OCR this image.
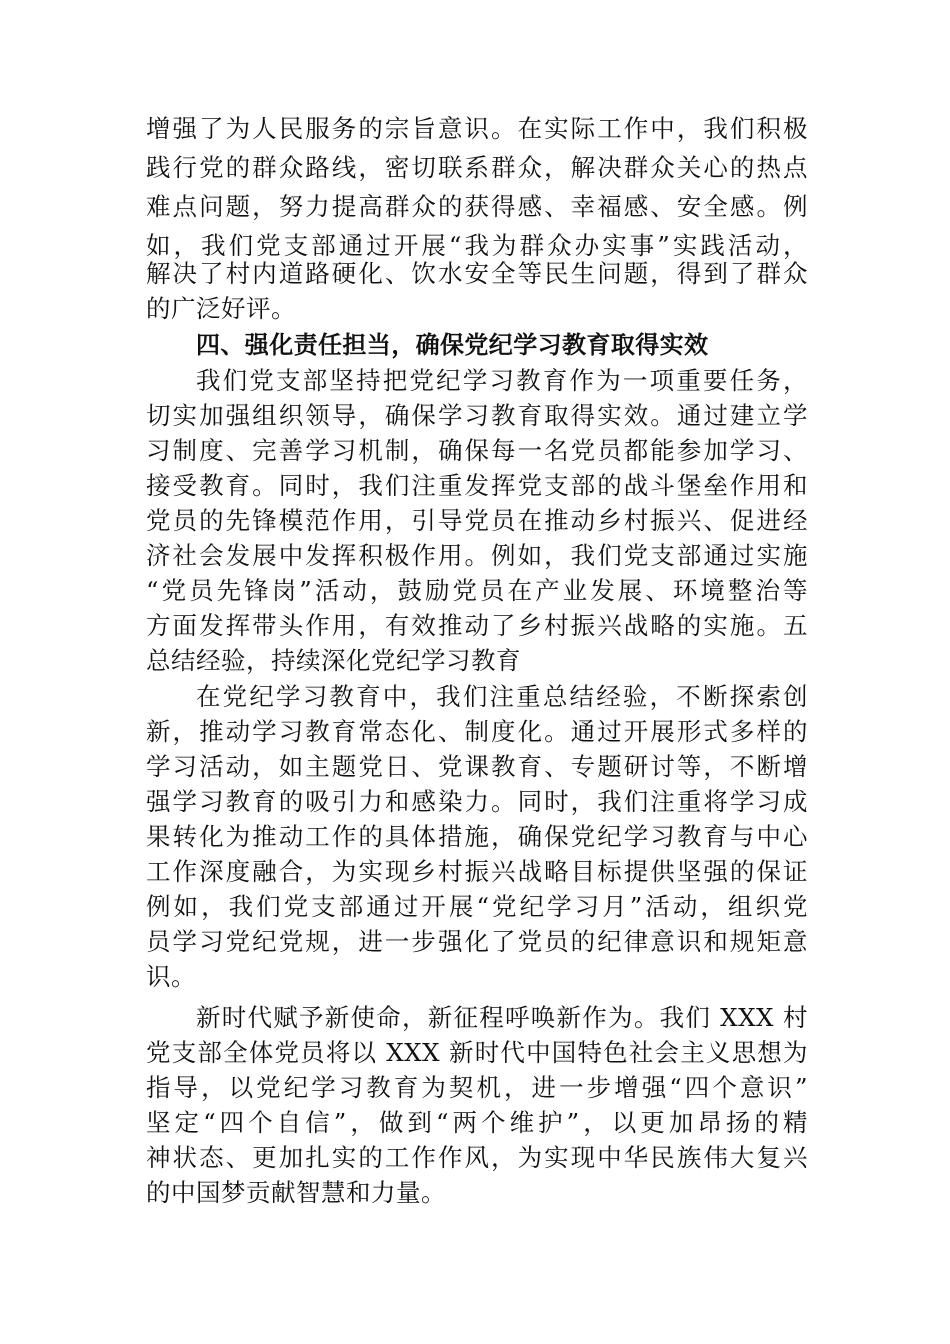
增强了为人民服务的宗旨意识。在实际工作中，我们积极
践行党的群众路线，密切联系群众，解决群众关心的热点
难点问题，努力提高群众的获得感、幸福感、安全感。例
如，我们党支部通过开展“我为群众办实事”实践活动，
解决了村内道路硬化、饮水安全等民生问题，得到了群众
的广泛好评。
四、强化责任担当，确保党纪学习教育取得实效
我们党支部坚持把党纪学习教育作为一项重要任务，
切实加强组织领导，确保学习教育取得实效。通过建立学
习制度、完善学习机制，确保每一名党员都能参加学习、
接受教育。同时，我们注重发挥党支部的战斗堡垒作用和
党员的先锋模范作用，引导党员在推动乡村振兴、促进经
济社会发展中发挥积极作用。例如，我们党支部通过实施
“党员先锋岗”活动，鼓励党员在产业发展、环境整治等
方面发挥带头作用，有效推动了乡村振兴战略的实施。五
总结经验，持续深化党纪学习教育
在党纪学习教育中，我们注重总结经验，不断探索创
新，推动学习教育常态化、制度化。通过开展形式多样的
学习活动，如主题党日、党课教育、专题研讨等，不断增
强学习教育的吸引力和感染力。同时，我们注重将学习成
果转化为推动工作的具体措施，确保党纪学习教育与中心
工作深度融合，为实现乡村振兴战略目标提供坚强的保证
例如，我们党支部通过开展“党纪学习月”活动，组织党
员学习党纪党规，进一步强化了党员的纪律意识和规矩意
识。
新时代赋予新使命，新征程呼唤新作为。我们 XXX 村
党支部全体党员将以 XXX 新时代中国特色社会主义思想为
指导，以党纪学习教育为契机，进一步增强“四个意识”
坚定“四个自信”，做到“两个维护”，以更加昂扬的精
神状态、更加扎实的工作作风，为实现中华民族伟大复兴
的中国梦贡献智慧和力量。
